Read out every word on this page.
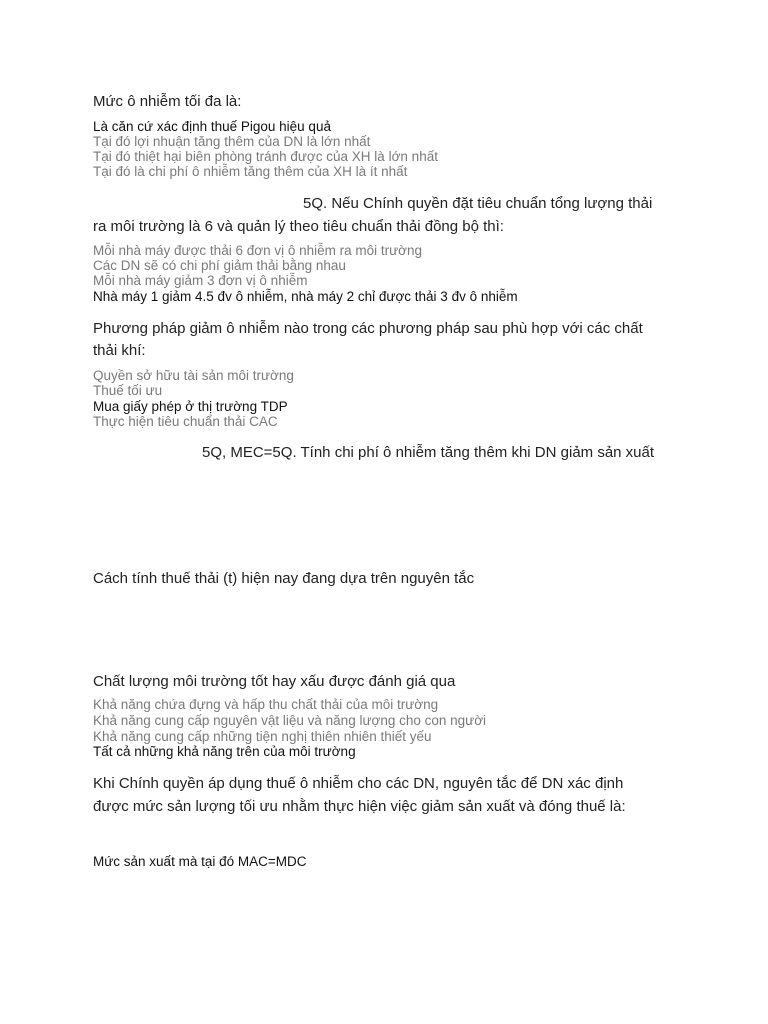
Mức ô nhiễm tối đa là:
Là căn cứ xác định thuế Pigou hiệu quả
Tại đó lợi nhuận tăng thêm của DN là lớn nhất
Tại đó thiệt hại biên phòng tránh được của XH là lớn nhất
Tại đó là chi phí ô nhiễm tăng thêm của XH là ít nhất
5Q. Nếu Chính quyền đặt tiêu chuẩn tổng lượng thải
ra môi trường là 6 và quản lý theo tiêu chuẩn thải đồng bộ thì:
Mỗi nhà máy được thải 6 đơn vị ô nhiễm ra môi trường
Các DN sẽ có chi phí giảm thải bằng nhau
Mỗi nhà máy giảm 3 đơn vị ô nhiễm
Nhà máy 1 giảm 4.5 đv ô nhiễm, nhà máy 2 chỉ được thải 3 đv ô nhiễm
Phương pháp giảm ô nhiễm nào trong các phương pháp sau phù hợp với các chất
thải khí:
Quyền sở hữu tài sản môi trường
Thuế tối ưu
Mua giấy phép ở thị trường TDP
Thực hiện tiêu chuẩn thải CAC
5Q, MEC=5Q. Tính chi phí ô nhiễm tăng thêm khi DN giảm sản xuất
Cách tính thuế thải (t) hiện nay đang dựa trên nguyên tắc
Chất lượng môi trường tốt hay xấu được đánh giá qua
Khả năng chứa đựng và hấp thu chất thải của môi trường
Khả năng cung cấp nguyên vật liệu và năng lượng cho con người
Khả năng cung cấp những tiện nghị thiên nhiên thiết yếu
Tất cả những khả năng trên của môi trường
Khi Chính quyền áp dụng thuế ô nhiễm cho các DN, nguyên tắc để DN xác định
được mức sản lượng tối ưu nhằm thực hiện việc giảm sản xuất và đóng thuế là:
Mức sản xuất mà tại đó MAC=MDC
